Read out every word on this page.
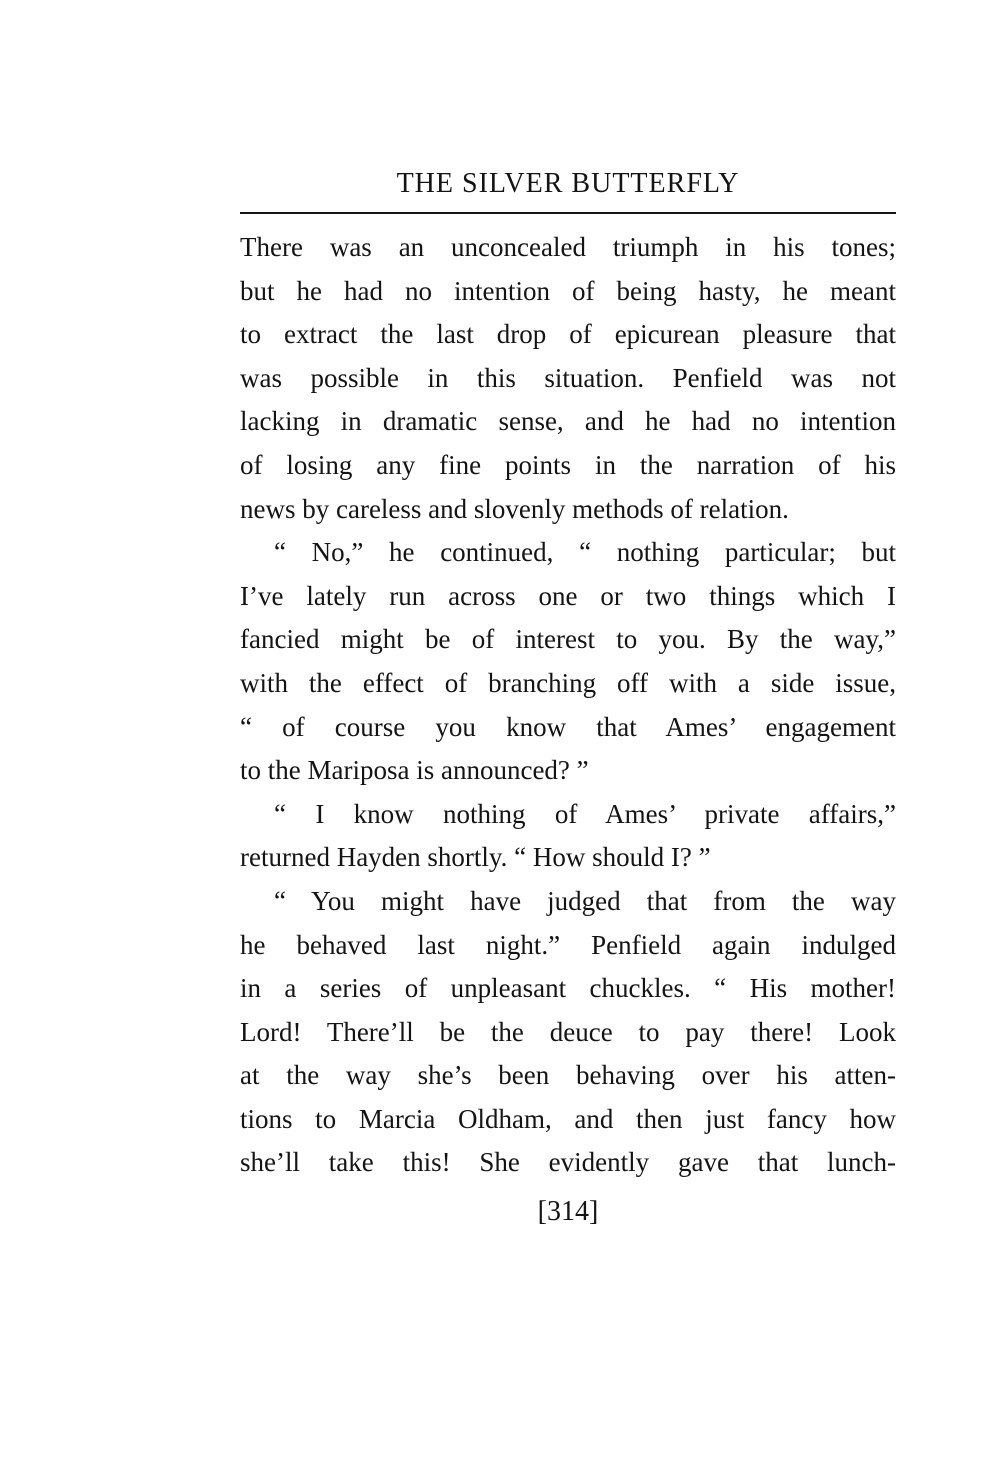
THE SILVER BUTTERFLY
There was an unconcealed triumph in his tones;
but he had no intention of being hasty, he meant
to extract the last drop of epicurean pleasure that
was possible in this situation. Penfield was not
lacking in dramatic sense, and he had no intention
of losing any fine points in the narration of his
news by careless and slovenly methods of relation.
“ No,” he continued, “ nothing particular; but
I’ve lately run across one or two things which I
fancied might be of interest to you. By the way,”
with the effect of branching off with a side issue,
“ of course you know that Ames’ engagement
to the Mariposa is announced? ”
“ I know nothing of Ames’ private affairs,”
returned Hayden shortly. “ How should I? ”
“ You might have judged that from the way
he behaved last night.” Penfield again indulged
in a series of unpleasant chuckles. “ His mother!
Lord! There’ll be the deuce to pay there! Look
at the way she’s been behaving over his atten-
tions to Marcia Oldham, and then just fancy how
she’ll take this! She evidently gave that lunch-
[314]
